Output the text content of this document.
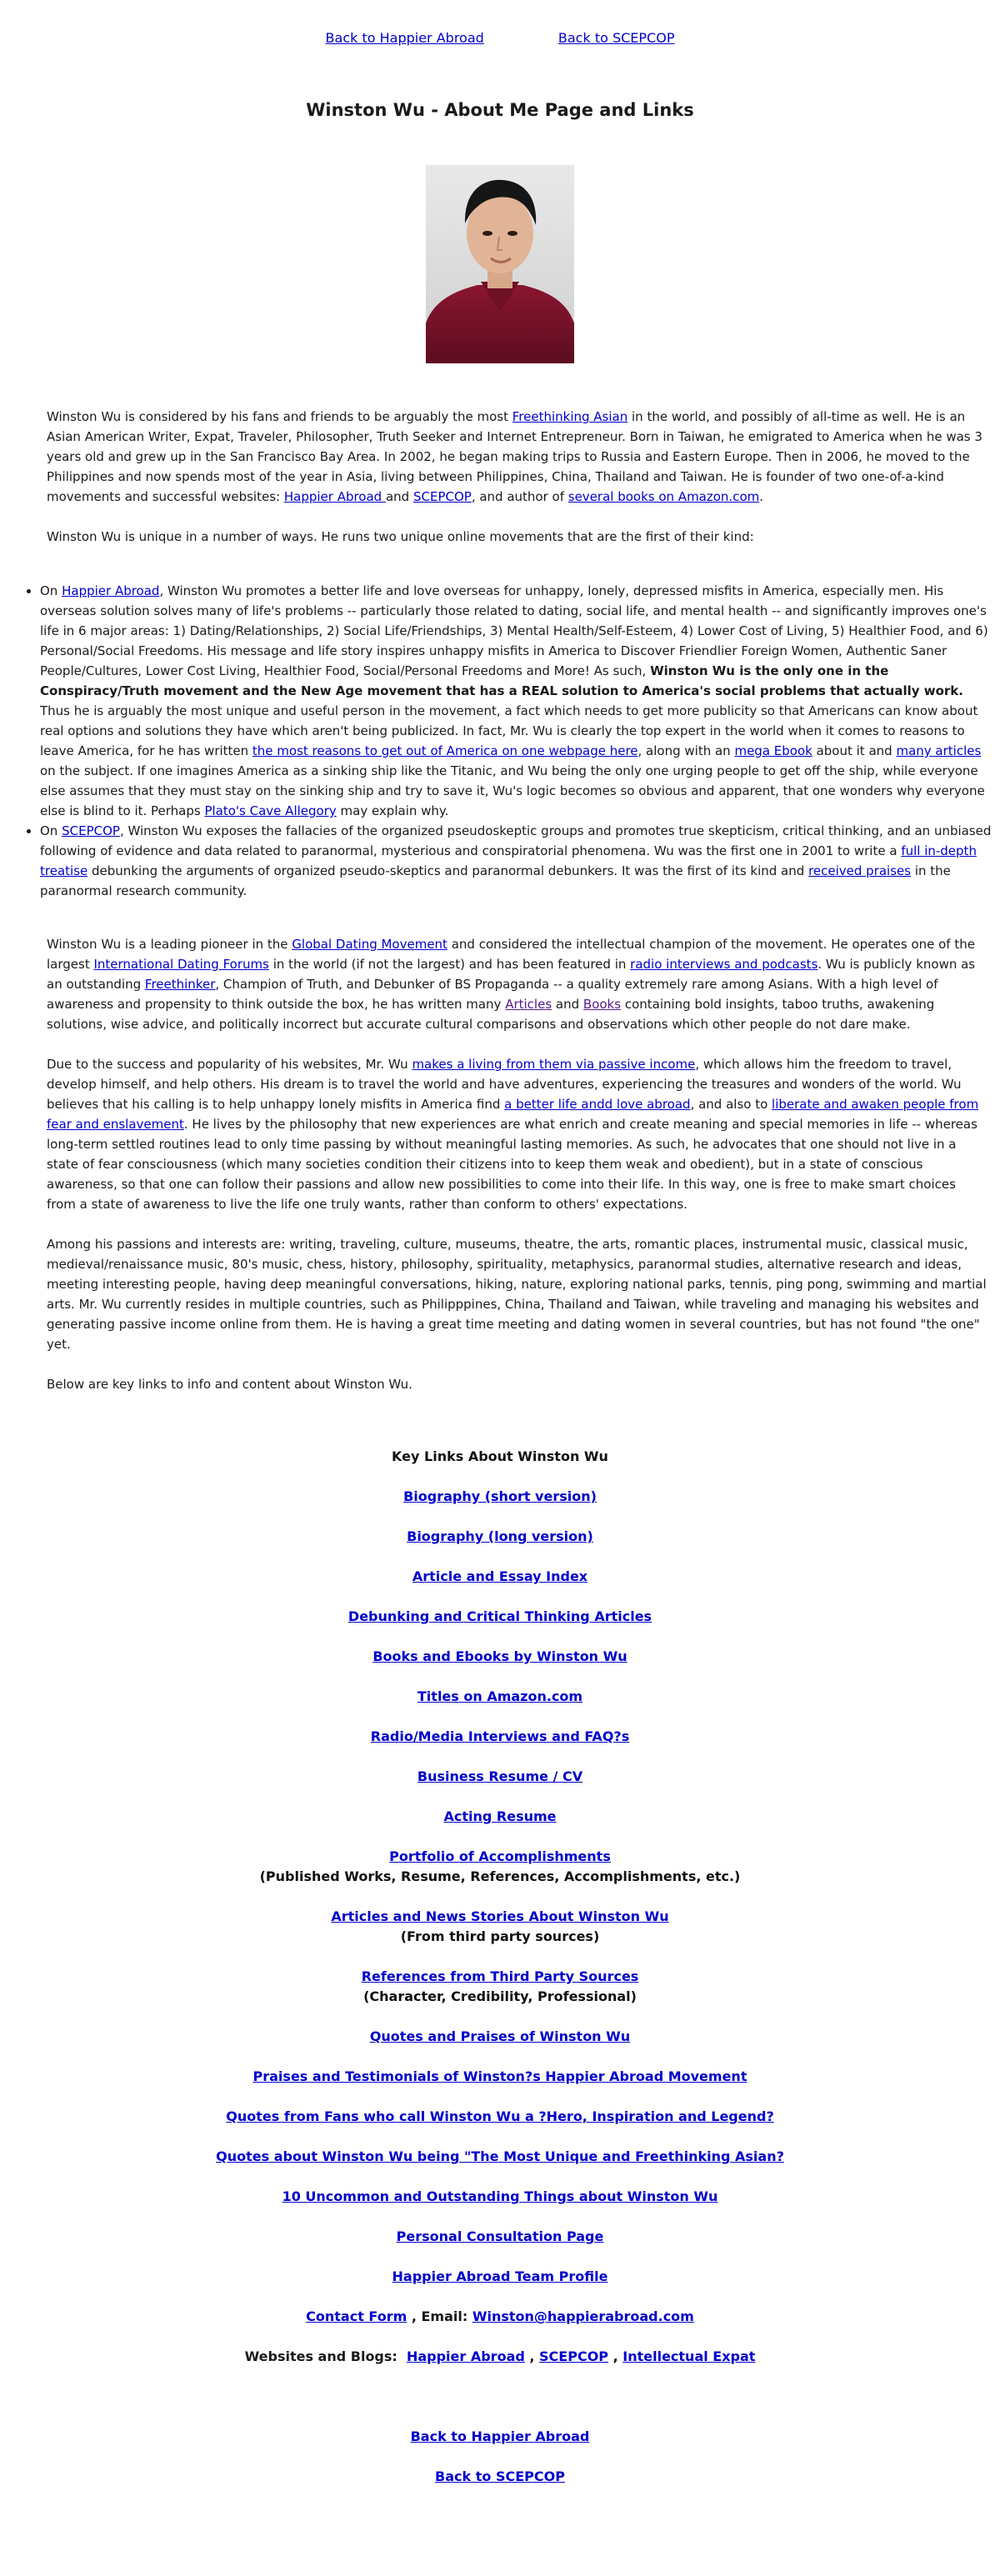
Back to Happier Abroad	Back to SCEPCOP
Winston Wu - About Me Page and Links

Winston Wu is considered by his fans and friends to be arguably the most Freethinking Asian in the world, and possibly of all-time as well. He is an Asian American Writer, Expat, Traveler, Philosopher, Truth Seeker and Internet Entrepreneur. Born in Taiwan, he emigrated to America when he was 3 years old and grew up in the San Francisco Bay Area. In 2002, he began making trips to Russia and Eastern Europe. Then in 2006, he moved to the Philippines and now spends most of the year in Asia, living between Philippines, China, Thailand and Taiwan. He is founder of two one-of-a-kind movements and successful websites: Happier Abroad and SCEPCOP, and author of several books on Amazon.com.

Winston Wu is unique in a number of ways. He runs two unique online movements that are the first of their kind:

• On Happier Abroad, Winston Wu promotes a better life and love overseas for unhappy, lonely, depressed misfits in America, especially men. His overseas solution solves many of life's problems -- particularly those related to dating, social life, and mental health -- and significantly improves one's life in 6 major areas: 1) Dating/Relationships, 2) Social Life/Friendships, 3) Mental Health/Self-Esteem, 4) Lower Cost of Living, 5) Healthier Food, and 6) Personal/Social Freedoms. His message and life story inspires unhappy misfits in America to Discover Friendlier Foreign Women, Authentic Saner People/Cultures, Lower Cost Living, Healthier Food, Social/Personal Freedoms and More! As such, Winston Wu is the only one in the Conspiracy/Truth movement and the New Age movement that has a REAL solution to America's social problems that actually work. Thus he is arguably the most unique and useful person in the movement, a fact which needs to get more publicity so that Americans can know about real options and solutions they have which aren't being publicized. In fact, Mr. Wu is clearly the top expert in the world when it comes to reasons to leave America, for he has written the most reasons to get out of America on one webpage here, along with an mega Ebook about it and many articles on the subject. If one imagines America as a sinking ship like the Titanic, and Wu being the only one urging people to get off the ship, while everyone else assumes that they must stay on the sinking ship and try to save it, Wu's logic becomes so obvious and apparent, that one wonders why everyone else is blind to it. Perhaps Plato's Cave Allegory may explain why.
• On SCEPCOP, Winston Wu exposes the fallacies of the organized pseudoskeptic groups and promotes true skepticism, critical thinking, and an unbiased following of evidence and data related to paranormal, mysterious and conspiratorial phenomena. Wu was the first one in 2001 to write a full in-depth treatise debunking the arguments of organized pseudo-skeptics and paranormal debunkers. It was the first of its kind and received praises in the paranormal research community.

Winston Wu is a leading pioneer in the Global Dating Movement and considered the intellectual champion of the movement. He operates one of the largest International Dating Forums in the world (if not the largest) and has been featured in radio interviews and podcasts. Wu is publicly known as an outstanding Freethinker, Champion of Truth, and Debunker of BS Propaganda -- a quality extremely rare among Asians. With a high level of awareness and propensity to think outside the box, he has written many Articles and Books containing bold insights, taboo truths, awakening solutions, wise advice, and politically incorrect but accurate cultural comparisons and observations which other people do not dare make.

Due to the success and popularity of his websites, Mr. Wu makes a living from them via passive income, which allows him the freedom to travel, develop himself, and help others. His dream is to travel the world and have adventures, experiencing the treasures and wonders of the world. Wu believes that his calling is to help unhappy lonely misfits in America find a better life andd love abroad, and also to liberate and awaken people from fear and enslavement. He lives by the philosophy that new experiences are what enrich and create meaning and special memories in life -- whereas long-term settled routines lead to only time passing by without meaningful lasting memories. As such, he advocates that one should not live in a state of fear consciousness (which many societies condition their citizens into to keep them weak and obedient), but in a state of conscious awareness, so that one can follow their passions and allow new possibilities to come into their life. In this way, one is free to make smart choices from a state of awareness to live the life one truly wants, rather than conform to others' expectations.

Among his passions and interests are: writing, traveling, culture, museums, theatre, the arts, romantic places, instrumental music, classical music, medieval/renaissance music, 80's music, chess, history, philosophy, spirituality, metaphysics, paranormal studies, alternative research and ideas, meeting interesting people, having deep meaningful conversations, hiking, nature, exploring national parks, tennis, ping pong, swimming and martial arts. Mr. Wu currently resides in multiple countries, such as Philipppines, China, Thailand and Taiwan, while traveling and managing his websites and generating passive income online from them. He is having a great time meeting and dating women in several countries, but has not found "the one" yet.

Below are key links to info and content about Winston Wu.

Key Links About Winston Wu
Biography (short version)
Biography (long version)
Article and Essay Index
Debunking and Critical Thinking Articles
Books and Ebooks by Winston Wu
Titles on Amazon.com
Radio/Media Interviews and FAQ?s
Business Resume / CV
Acting Resume
Portfolio of Accomplishments
(Published Works, Resume, References, Accomplishments, etc.)
Articles and News Stories About Winston Wu
(From third party sources)
References from Third Party Sources
(Character, Credibility, Professional)
Quotes and Praises of Winston Wu
Praises and Testimonials of Winston?s Happier Abroad Movement
Quotes from Fans who call Winston Wu a ?Hero, Inspiration and Legend?
Quotes about Winston Wu being "The Most Unique and Freethinking Asian?
10 Uncommon and Outstanding Things about Winston Wu
Personal Consultation Page
Happier Abroad Team Profile
Contact Form , Email: Winston@happierabroad.com
Websites and Blogs: Happier Abroad , SCEPCOP , Intellectual Expat
Back to Happier Abroad
Back to SCEPCOP
